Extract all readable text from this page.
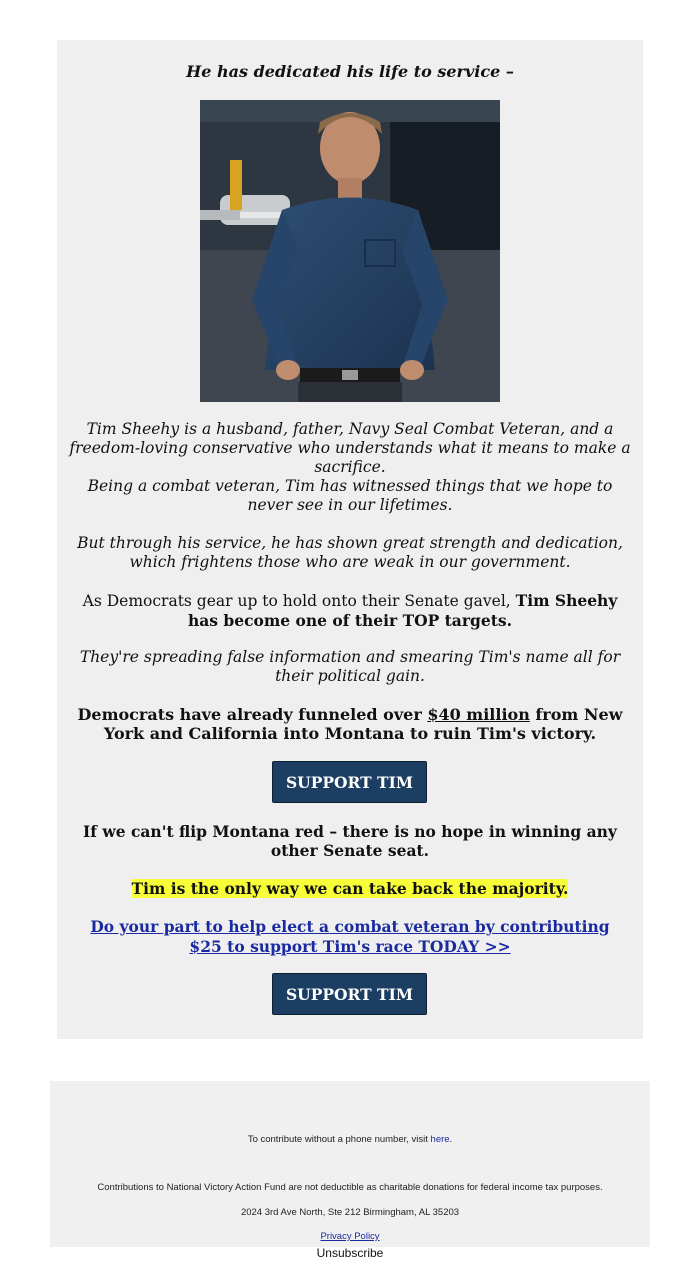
He has dedicated his life to service –
Tim Sheehy is a husband, father, Navy Seal Combat Veteran, and a freedom-loving conservative who understands what it means to make a sacrifice.
Being a combat veteran, Tim has witnessed things that we hope to never see in our lifetimes.
But through his service, he has shown great strength and dedication, which frightens those who are weak in our government.
As Democrats gear up to hold onto their Senate gavel, Tim Sheehy has become one of their TOP targets.
They're spreading false information and smearing Tim's name all for their political gain.
Democrats have already funneled over $40 million from New York and California into Montana to ruin Tim's victory.
SUPPORT TIM
If we can't flip Montana red – there is no hope in winning any other Senate seat.
Tim is the only way we can take back the majority.
Do your part to help elect a combat veteran by contributing $25 to support Tim's race TODAY >>
SUPPORT TIM
To contribute without a phone number, visit here.
Contributions to National Victory Action Fund are not deductible as charitable donations for federal income tax purposes.
2024 3rd Ave North, Ste 212 Birmingham, AL 35203
Privacy Policy
Unsubscribe
